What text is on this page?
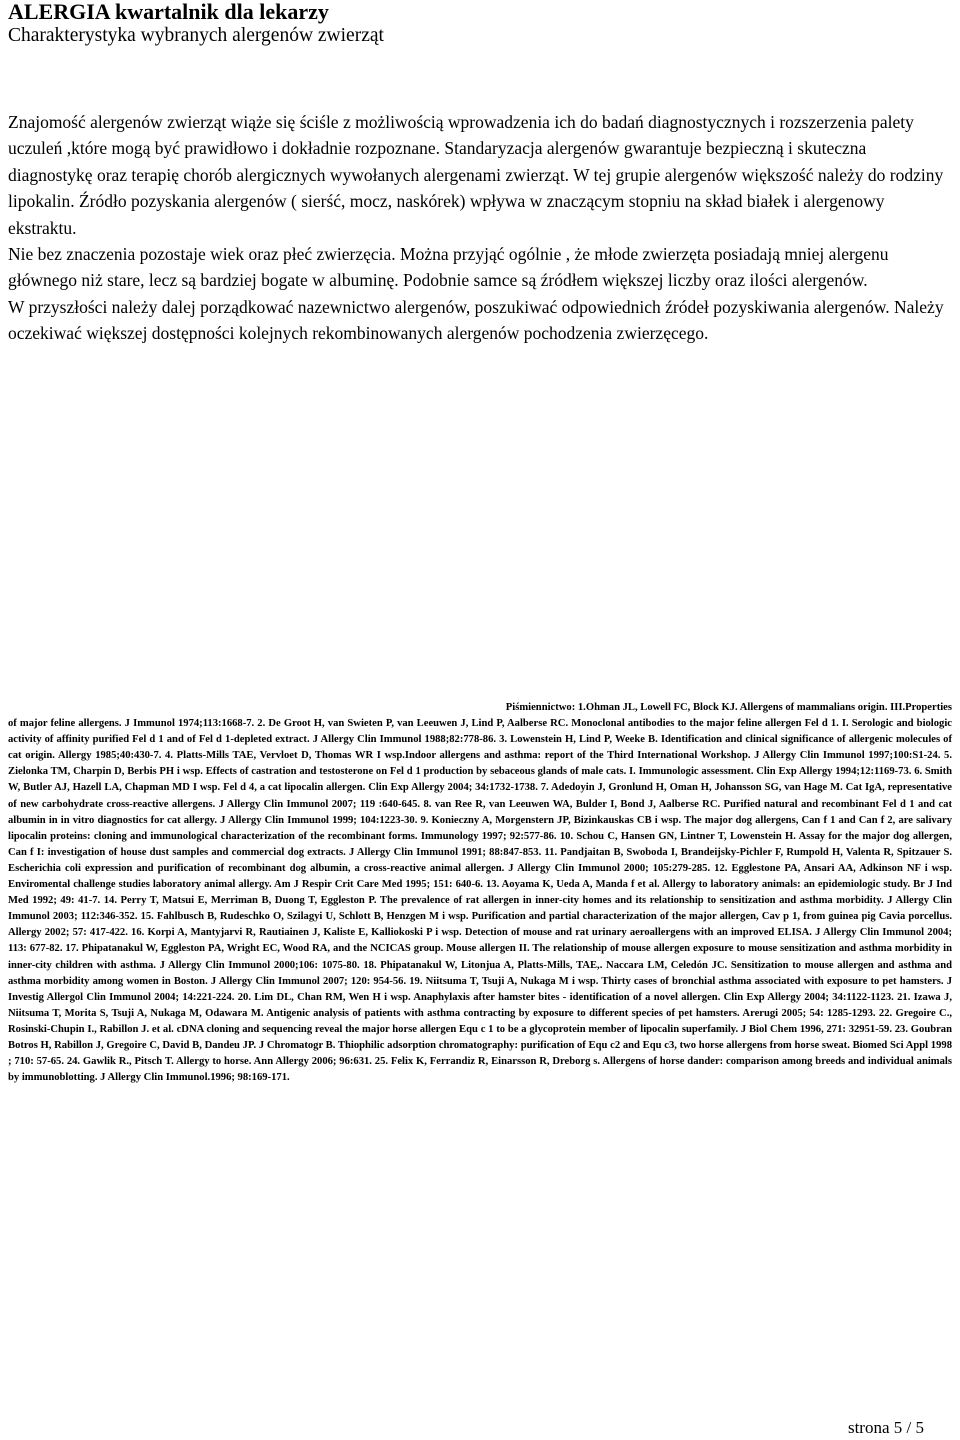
ALERGIA kwartalnik dla lekarzy
Charakterystyka wybranych alergenów zwierząt

Znajomość alergenów zwierząt wiąże się ściśle z możliwością wprowadzenia ich do badań diagnostycznych i rozszerzenia palety uczuleń ,które mogą być prawidłowo i dokładnie rozpoznane. Standaryzacja alergenów gwarantuje bezpieczną i skuteczna diagnostykę oraz terapię chorób alergicznych wywołanych alergenami zwierząt. W tej grupie alergenów większość należy do rodziny lipokalin. Źródło pozyskania alergenów ( sierść, mocz, naskórek) wpływa w znaczącym stopniu na skład białek i alergenowy ekstraktu.

Nie bez znaczenia pozostaje wiek oraz płeć zwierzęcia. Można przyjąć ogólnie , że młode zwierzęta posiadają mniej alergenu głównego niż stare, lecz są bardziej bogate w albuminę. Podobnie samce są źródłem większej liczby oraz ilości alergenów.

W przyszłości należy dalej porządkować nazewnictwo alergenów, poszukiwać odpowiednich źródeł pozyskiwania alergenów. Należy oczekiwać większej dostępności kolejnych rekombinowanych alergenów pochodzenia zwierzęcego.

Piśmiennictwo: 1.Ohman JL, Lowell FC, Block KJ. Allergens of mammalians origin. III.Properties
of major feline allergens. J Immunol 1974;113:1668-7. 2. De Groot H, van Swieten P, van Leeuwen J, Lind P, Aalberse RC. Monoclonal antibodies to the major feline allergen Fel d 1. I. Serologic and biologic activity of affinity purified Fel d 1 and of Fel d 1-depleted extract. J Allergy Clin Immunol 1988;82:778-86. 3. Lowenstein H, Lind P, Weeke B. Identification and clinical significance of allergenic molecules of cat origin. Allergy 1985;40:430-7. 4. Platts-Mills TAE, Vervloet D, Thomas WR I wsp.Indoor allergens and asthma: report of the Third International Workshop. J Allergy Clin Immunol 1997;100:S1-24. 5. Zielonka TM, Charpin D, Berbis PH i wsp. Effects of castration and testosterone on Fel d 1 production by sebaceous glands of male cats. I. Immunologic assessment. Clin Exp Allergy 1994;12:1169-73. 6. Smith W, Butler AJ, Hazell LA, Chapman MD I wsp. Fel d 4, a cat lipocalin allergen. Clin Exp Allergy 2004; 34:1732-1738. 7. Adedoyin J, Gronlund H, Oman H, Johansson SG, van Hage M. Cat IgA, representative of new carbohydrate cross-reactive allergens. J Allergy Clin Immunol 2007; 119 :640-645. 8. van Ree R, van Leeuwen WA, Bulder I, Bond J, Aalberse RC. Purified natural and recombinant Fel d 1 and cat albumin in in vitro diagnostics for cat allergy. J Allergy Clin Immunol 1999; 104:1223-30. 9. Konieczny A, Morgenstern JP, Bizinkauskas CB i wsp. The major dog allergens, Can f 1 and Can f 2, are salivary lipocalin proteins: cloning and immunological characterization of the recombinant forms. Immunology 1997; 92:577-86. 10. Schou C, Hansen GN, Lintner T, Lowenstein H. Assay for the major dog allergen, Can f I: investigation of house dust samples and commercial dog extracts. J Allergy Clin Immunol 1991; 88:847-853. 11. Pandjaitan B, Swoboda I, Brandeijsky-Pichler F, Rumpold H, Valenta R, Spitzauer S. Escherichia coli expression and purification of recombinant dog albumin, a cross-reactive animal allergen. J Allergy Clin Immunol 2000; 105:279-285. 12. Egglestone PA, Ansari AA, Adkinson NF i wsp. Enviromental challenge studies laboratory animal allergy. Am J Respir Crit Care Med 1995; 151: 640-6. 13. Aoyama K, Ueda A, Manda f et al. Allergy to laboratory animals: an epidemiologic study. Br J Ind Med 1992; 49: 41-7. 14. Perry T, Matsui E, Merriman B, Duong T, Eggleston P. The prevalence of rat allergen in inner-city homes and its relationship to sensitization and asthma morbidity. J Allergy Clin Immunol 2003; 112:346-352. 15. Fahlbusch B, Rudeschko O, Szilagyi U, Schlott B, Henzgen M i wsp. Purification and partial characterization of the major allergen, Cav p 1, from guinea pig Cavia porcellus. Allergy 2002; 57: 417-422. 16. Korpi A, Mantyjarvi R, Rautiainen J, Kaliste E, Kalliokoski P i wsp. Detection of mouse and rat urinary aeroallergens with an improved ELISA. J Allergy Clin Immunol 2004; 113: 677-82. 17. Phipatanakul W, Eggleston PA, Wright EC, Wood RA, and the NCICAS group. Mouse allergen II. The relationship of mouse allergen exposure to mouse sensitization and asthma morbidity in inner-city children with asthma. J Allergy Clin Immunol 2000;106: 1075-80. 18. Phipatanakul W, Litonjua A, Platts-Mills, TAE,. Naccara LM, Celedón JC. Sensitization to mouse allergen and asthma and asthma morbidity among women in Boston. J Allergy Clin Immunol 2007; 120: 954-56. 19. Niitsuma T, Tsuji A, Nukaga M i wsp. Thirty cases of bronchial asthma associated with exposure to pet hamsters. J Investig Allergol Clin Immunol 2004; 14:221-224. 20. Lim DL, Chan RM, Wen H i wsp. Anaphylaxis after hamster bites - identification of a novel allergen. Clin Exp Allergy 2004; 34:1122-1123. 21. Izawa J, Niitsuma T, Morita S, Tsuji A, Nukaga M, Odawara M. Antigenic analysis of patients with asthma contracting by exposure to different species of pet hamsters. Arerugi 2005; 54: 1285-1293. 22. Gregoire C., Rosinski-Chupin I., Rabillon J. et al. cDNA cloning and sequencing reveal the major horse allergen Equ c 1 to be a glycoprotein member of lipocalin superfamily. J Biol Chem 1996, 271: 32951-59. 23. Goubran Botros H, Rabillon J, Gregoire C, David B, Dandeu JP. J Chromatogr B. Thiophilic adsorption chromatography: purification of Equ c2 and Equ c3, two horse allergens from horse sweat. Biomed Sci Appl 1998 ; 710: 57-65. 24. Gawlik R., Pitsch T. Allergy to horse. Ann Allergy 2006; 96:631. 25. Felix K, Ferrandiz R, Einarsson R, Dreborg s. Allergens of horse dander: comparison among breeds and individual animals by immunoblotting. J Allergy Clin Immunol.1996; 98:169-171.
strona 5 / 5
